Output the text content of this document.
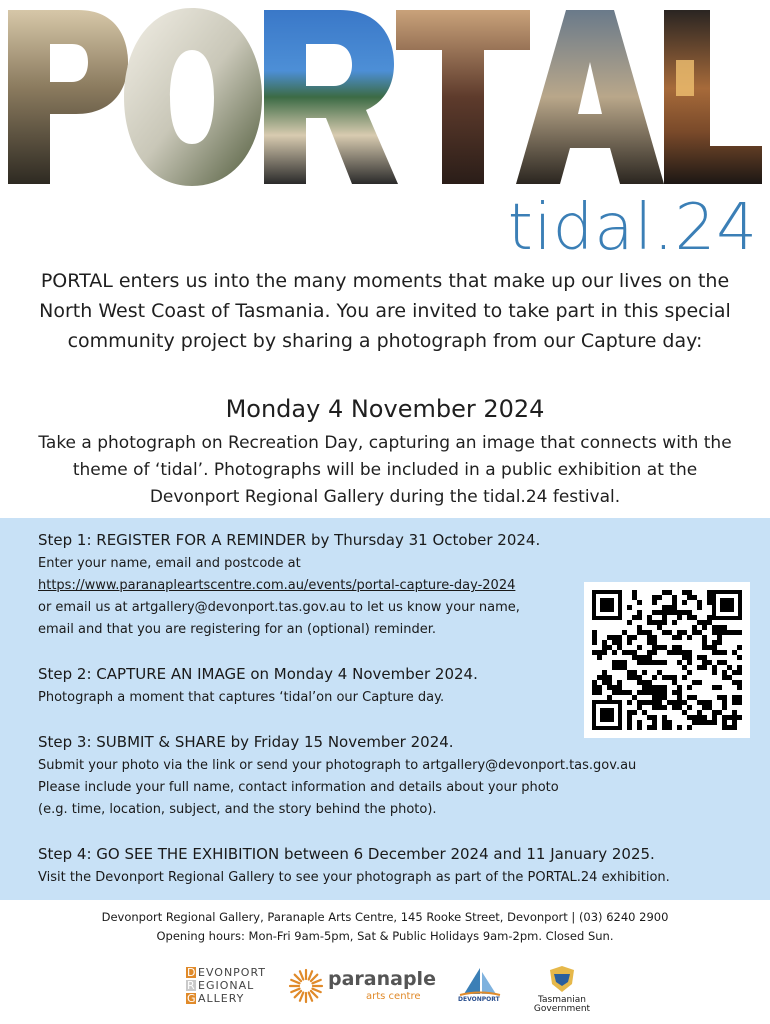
tidal.24

PORTAL enters us into the many moments that make up our lives on the North West Coast of Tasmania. You are invited to take part in this special community project by sharing a photograph from our Capture day:

Monday 4 November 2024

Take a photograph on Recreation Day, capturing an image that connects with the theme of ‘tidal’. Photographs will be included in a public exhibition at the Devonport Regional Gallery during the tidal.24 festival.

Step 1: REGISTER FOR A REMINDER by Thursday 31 October 2024.
Enter your name, email and postcode at
https://www.paranapleartscentre.com.au/events/portal-capture-day-2024
or email us at artgallery@devonport.tas.gov.au to let us know your name,
email and that you are registering for an (optional) reminder.
Step 2: CAPTURE AN IMAGE on Monday 4 November 2024.
Photograph a moment that captures ‘tidal’on our Capture day.
Step 3: SUBMIT & SHARE by Friday 15 November 2024.
Submit your photo via the link or send your photograph to artgallery@devonport.tas.gov.au
Please include your full name, contact information and details about your photo
(e.g. time, location, subject, and the story behind the photo).
Step 4: GO SEE THE EXHIBITION between 6 December 2024 and 11 January 2025.
Visit the Devonport Regional Gallery to see your photograph as part of the PORTAL.24 exhibition.
Devonport Regional Gallery, Paranaple Arts Centre, 145 Rooke Street, Devonport | (03) 6240 2900
Opening hours: Mon-Fri 9am-5pm, Sat & Public Holidays 9am-2pm. Closed Sun.
D EVONPORT
R EGIONAL
G ALLERY
paranaple
arts centre	DEVONPORT	Tasmanian
Government
